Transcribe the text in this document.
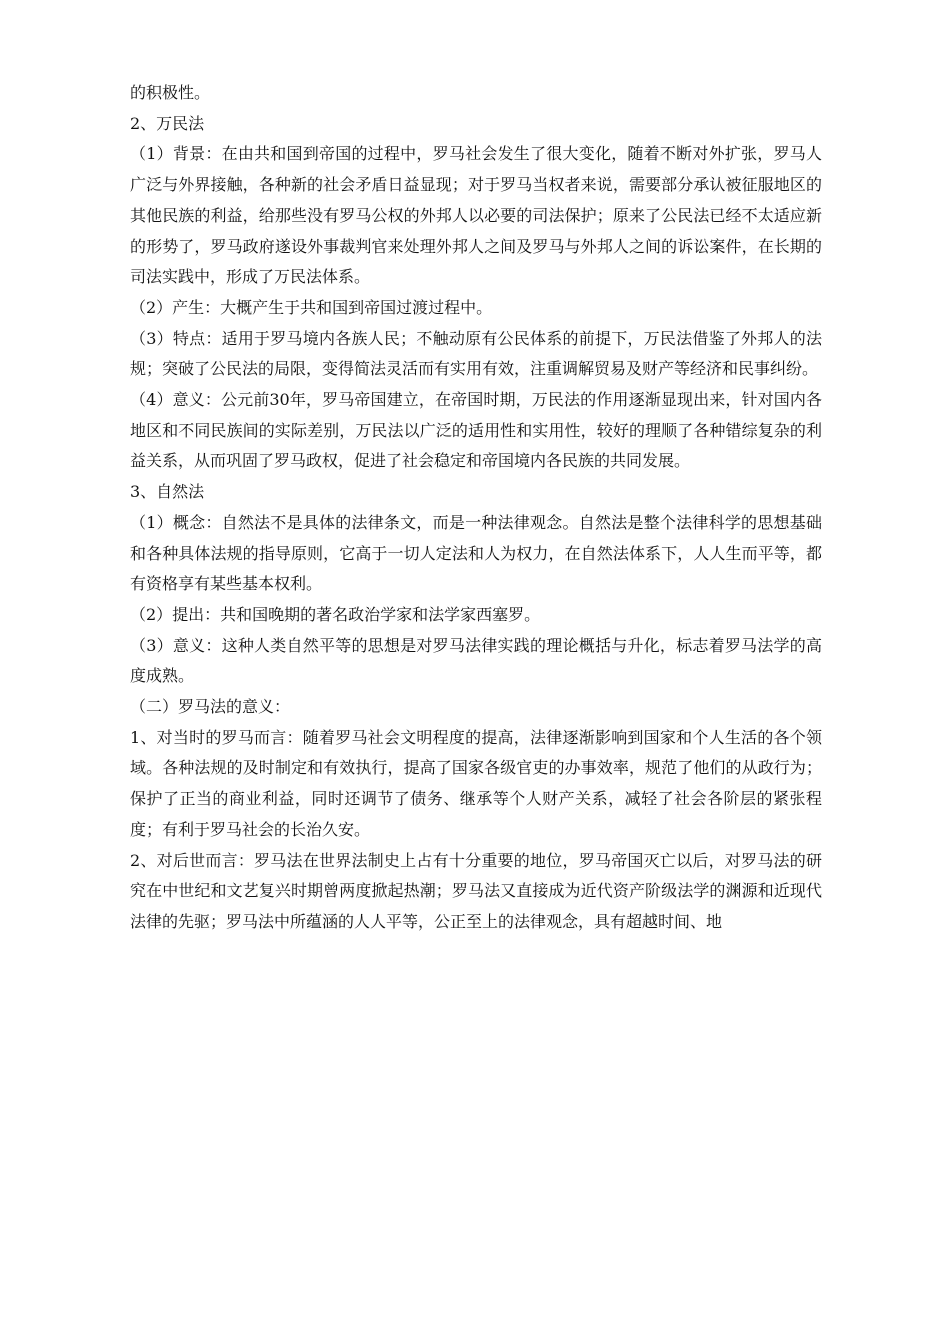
的积极性。

2、万民法

（1）背景：在由共和国到帝国的过程中，罗马社会发生了很大变化，随着不断对外扩张，罗马人广泛与外界接触，各种新的社会矛盾日益显现；对于罗马当权者来说，需要部分承认被征服地区的其他民族的利益，给那些没有罗马公权的外邦人以必要的司法保护；原来了公民法已经不太适应新的形势了，罗马政府遂设外事裁判官来处理外邦人之间及罗马与外邦人之间的诉讼案件，在长期的司法实践中，形成了万民法体系。

（2）产生：大概产生于共和国到帝国过渡过程中。

（3）特点：适用于罗马境内各族人民；不触动原有公民体系的前提下，万民法借鉴了外邦人的法规；突破了公民法的局限，变得简法灵活而有实用有效，注重调解贸易及财产等经济和民事纠纷。

（4）意义：公元前30年，罗马帝国建立，在帝国时期，万民法的作用逐渐显现出来，针对国内各地区和不同民族间的实际差别，万民法以广泛的适用性和实用性，较好的理顺了各种错综复杂的利益关系，从而巩固了罗马政权，促进了社会稳定和帝国境内各民族的共同发展。

3、自然法

（1）概念：自然法不是具体的法律条文，而是一种法律观念。自然法是整个法律科学的思想基础和各种具体法规的指导原则，它高于一切人定法和人为权力，在自然法体系下，人人生而平等，都有资格享有某些基本权利。

（2）提出：共和国晚期的著名政治学家和法学家西塞罗。

（3）意义：这种人类自然平等的思想是对罗马法律实践的理论概括与升化，标志着罗马法学的高度成熟。

（二）罗马法的意义：

1、对当时的罗马而言：随着罗马社会文明程度的提高，法律逐渐影响到国家和个人生活的各个领域。各种法规的及时制定和有效执行，提高了国家各级官吏的办事效率，规范了他们的从政行为；保护了正当的商业利益，同时还调节了债务、继承等个人财产关系，减轻了社会各阶层的紧张程度；有利于罗马社会的长治久安。

2、对后世而言：罗马法在世界法制史上占有十分重要的地位，罗马帝国灭亡以后，对罗马法的研究在中世纪和文艺复兴时期曾两度掀起热潮；罗马法又直接成为近代资产阶级法学的渊源和近现代法律的先驱；罗马法中所蕴涵的人人平等，公正至上的法律观念，具有超越时间、地
